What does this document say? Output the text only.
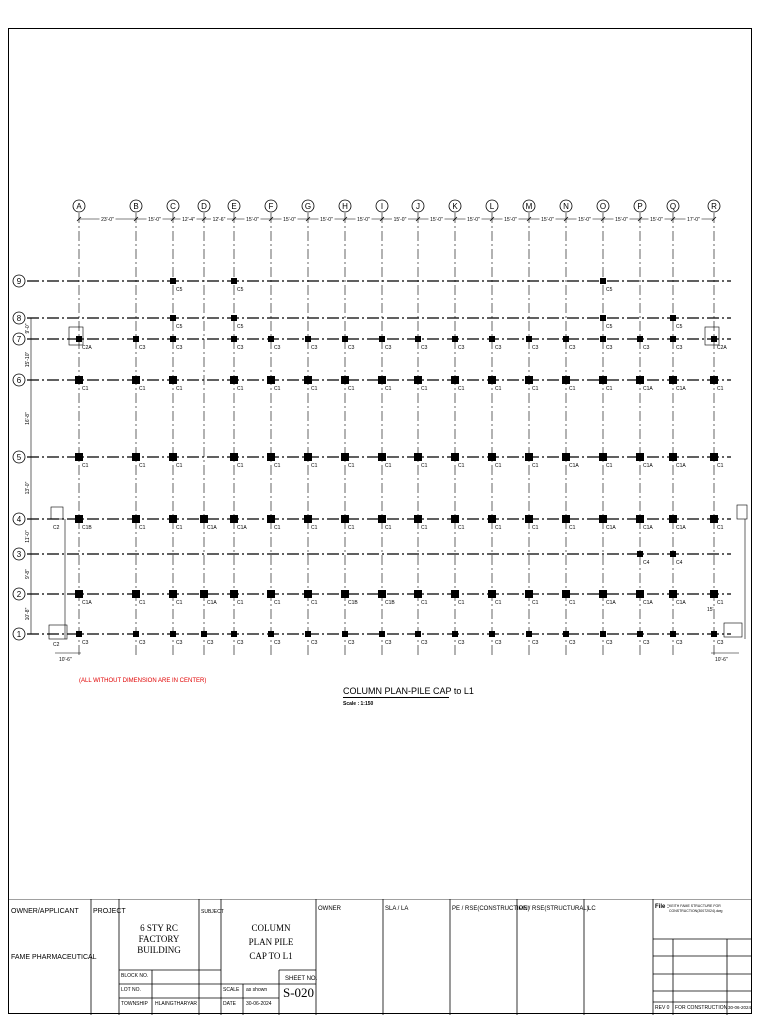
A	B	C	D	E	F	G	H	I	J	K	L	M	N	O	P	Q	R
23'-0"	15'-0"	12'-4"	12'-6"	15'-0"	15'-0"	15'-0"	15'-0"	15'-0"	15'-0"	15'-0"	15'-0"	15'-0"	15'-0"	15'-0"	15'-0"	17'-0"
9
8
7
6
5
4
3
2
1
9'-0"
15'-10"
16'-8"
13'-0"
11'-0"
9'-8"
10'-8"
C5	C5	C5
C5	C5	C5	C5
C2A	C3	C3	C3	C3	C3	C3	C3	C3	C3	C3	C3	C3	C3	C3	C3	C2A
C1	C1	C1	C1	C1	C1	C1	C1	C1	C1	C1	C1	C1	C1	C1A	C1A	C1
C1	C1	C1	C1	C1	C1	C1	C1	C1	C1	C1	C1	C1A	C1	C1A	C1A	C1
C1B	C1	C1	C1A	C1A	C1	C1	C1	C1	C1	C1	C1	C1	C1	C1A	C1A	C1A	C1
C4	C4
C1A	C1	C1	C1A	C1	C1	C1	C1B	C1B	C1	C1	C1	C1	C1	C1A	C1A	C1A	C1
C3	C3	C3	C3	C3	C3	C3	C3	C3	C3	C3	C3	C3	C3	C3	C3	C3	C3
C2
C2
10'-6"	10'-6"
15'
(ALL WITHOUT DIMENSION ARE IN CENTER)
COLUMN PLAN-PILE CAP to L1
Scale : 1:150
OWNER/APPLICANT
FAME PHARMACEUTICAL
PROJECT
6 STY RC FACTORY BUILDING
BLOCK NO.
LOT NO.
TOWNSHIP HLAINGTHARYAR
SUBJECT
COLUMN PLAN PILE CAP TO L1
SCALE as shown
DATE 30-06-2024
SHEET NO.
S-020
OWNER	SLA / LA	PE / RSE(CONSTRUCTION)
PE / RSE(STRUCTURAL) LC	File : KEITH FAME STRUCTURE FOR CONSTRUCTION(30072024).dwg
REV 0 FOR CONSTRUCTION 30-06-2024
